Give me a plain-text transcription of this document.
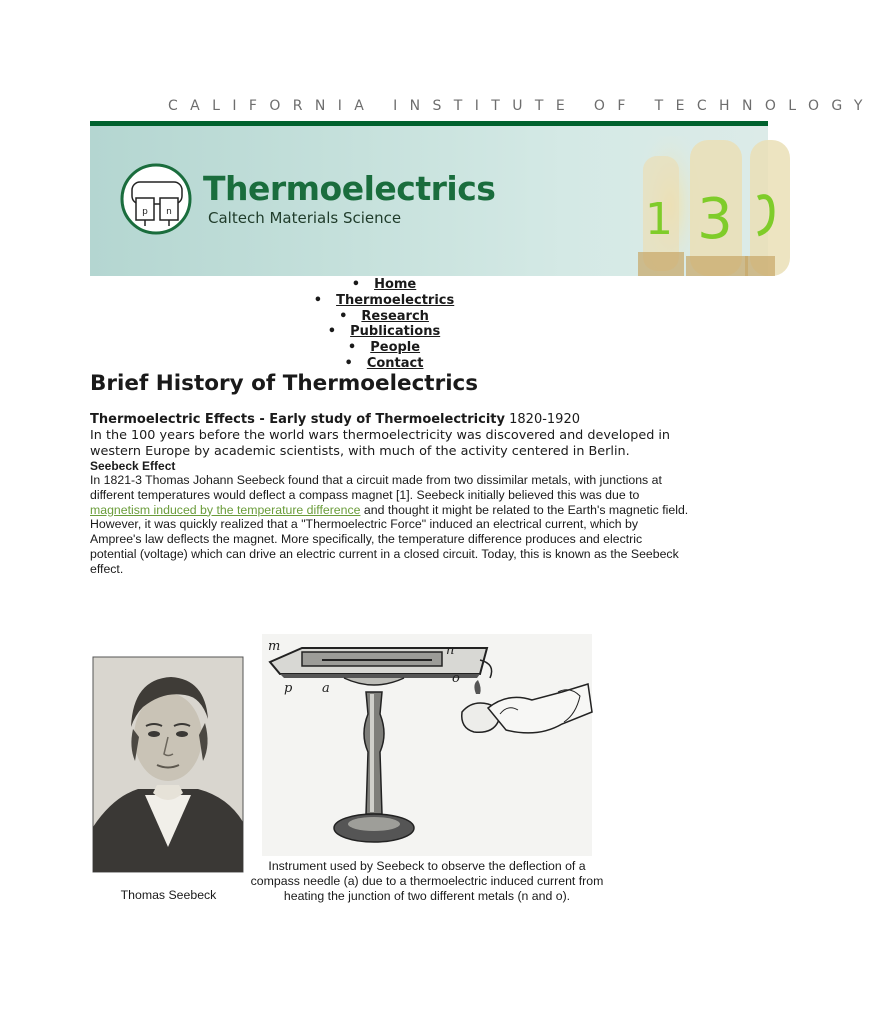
CALIFORNIA INSTITUTE OF TECHNOLOGY
p n	1 3
Thermoelectrics
Caltech Materials Science
• Home
• Thermoelectrics
• Research
• Publications
• People
• Contact
Brief History of Thermoelectrics
Thermoelectric Effects - Early study of Thermoelectricity 1820-1920

In the 100 years before the world wars thermoelectricity was discovered and developed in western Europe by academic scientists, with much of the activity centered in Berlin.

Seebeck Effect

In 1821-3 Thomas Johann Seebeck found that a circuit made from two dissimilar metals, with junctions at different temperatures would deflect a compass magnet [1]. Seebeck initially believed this was due to magnetism induced by the temperature difference and thought it might be related to the Earth's magnetic field. However, it was quickly realized that a "Thermoelectric Force" induced an electrical current, which by Ampree's law deflects the magnet. More specifically, the temperature difference produces and electric potential (voltage) which can drive an electric current in a closed circuit. Today, this is known as the Seebeck effect.

Thomas Seebeck
m	n
p a
o
Instrument used by Seebeck to observe the deflection of a compass needle (a) due to a thermoelectric induced current from heating the junction of two different metals (n and o).
